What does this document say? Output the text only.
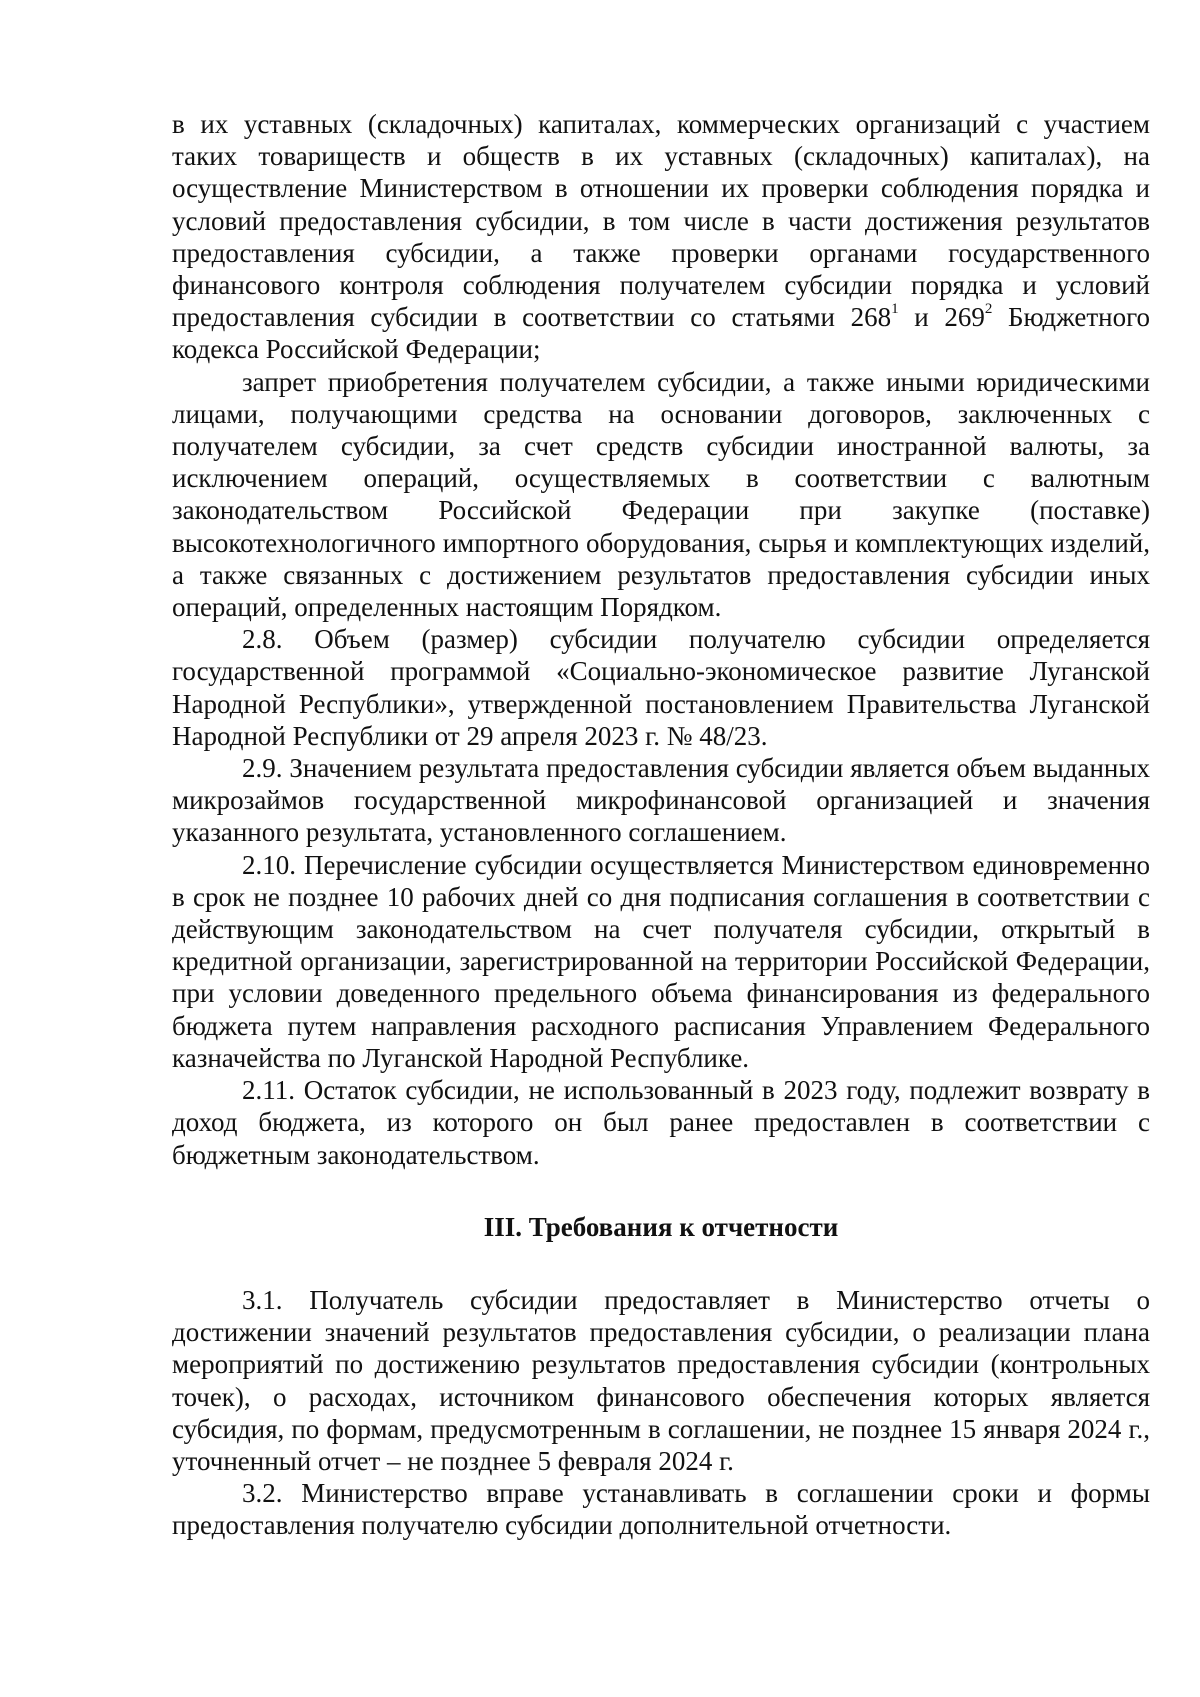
в их уставных (складочных) капиталах, коммерческих организаций с участием таких товариществ и обществ в их уставных (складочных) капиталах), на осуществление Министерством в отношении их проверки соблюдения порядка и условий предоставления субсидии, в том числе в части достижения результатов предоставления субсидии, а также проверки органами государственного финансового контроля соблюдения получателем субсидии порядка и условий предоставления субсидии в соответствии со статьями $268^1$ и $269^2$ Бюджетного кодекса Российской Федерации;

запрет приобретения получателем субсидии, а также иными юридическими лицами, получающими средства на основании договоров, заключенных с получателем субсидии, за счет средств субсидии иностранной валюты, за исключением операций, осуществляемых в соответствии с валютным законодательством Российской Федерации при закупке (поставке) высокотехнологичного импортного оборудования, сырья и комплектующих изделий, а также связанных с достижением результатов предоставления субсидии иных операций, определенных настоящим Порядком.

2.8. Объем (размер) субсидии получателю субсидии определяется государственной программой «Социально-экономическое развитие Луганской Народной Республики», утвержденной постановлением Правительства Луганской Народной Республики от 29 апреля 2023 г. № 48/23.

2.9. Значением результата предоставления субсидии является объем выданных микрозаймов государственной микрофинансовой организацией и значения указанного результата, установленного соглашением.

2.10. Перечисление субсидии осуществляется Министерством единовременно в срок не позднее 10 рабочих дней со дня подписания соглашения в соответствии с действующим законодательством на счет получателя субсидии, открытый в кредитной организации, зарегистрированной на территории Российской Федерации, при условии доведенного предельного объема финансирования из федерального бюджета путем направления расходного расписания Управлением Федерального казначейства по Луганской Народной Республике.

2.11. Остаток субсидии, не использованный в 2023 году, подлежит возврату в доход бюджета, из которого он был ранее предоставлен в соответствии с бюджетным законодательством.

III. Требования к отчетности

3.1. Получатель субсидии предоставляет в Министерство отчеты о достижении значений результатов предоставления субсидии, о реализации плана мероприятий по достижению результатов предоставления субсидии (контрольных точек), о расходах, источником финансового обеспечения которых является субсидия, по формам, предусмотренным в соглашении, не позднее 15 января 2024 г., уточненный отчет – не позднее 5 февраля 2024 г.

3.2. Министерство вправе устанавливать в соглашении сроки и формы предоставления получателю субсидии дополнительной отчетности.
